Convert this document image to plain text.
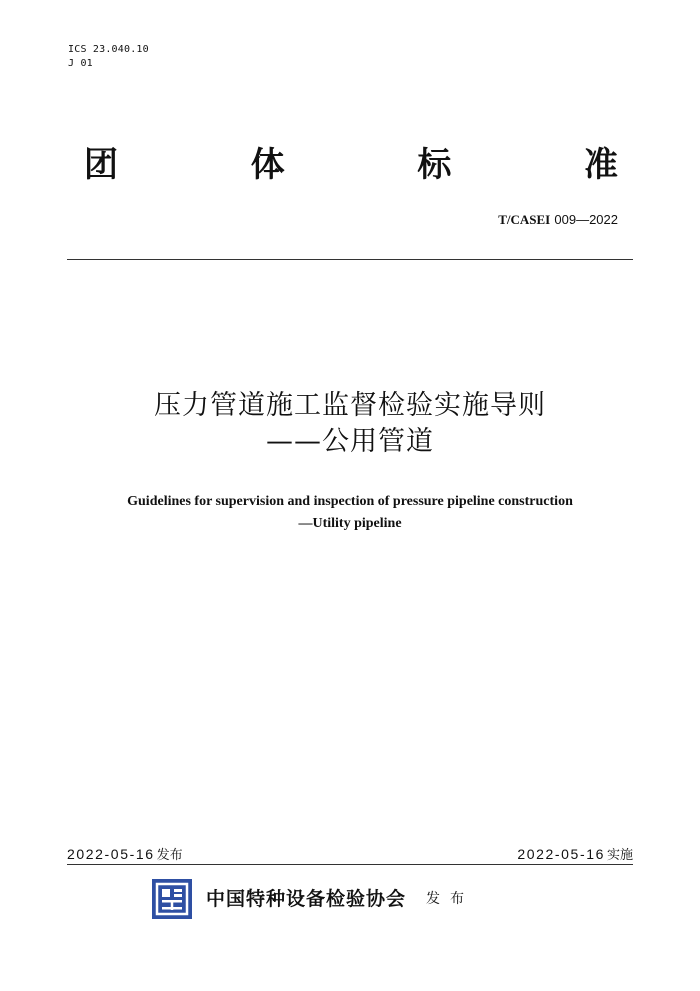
ICS 23.040.10
J 01
团	体	标	准
T/CASEI 009—2022
压力管道施工监督检验实施导则
——公用管道
Guidelines for supervision and inspection of pressure pipeline construction
—Utility pipeline
2022-05-16 发布	2022-05-16 实施
中国特种设备检验协会 发布
